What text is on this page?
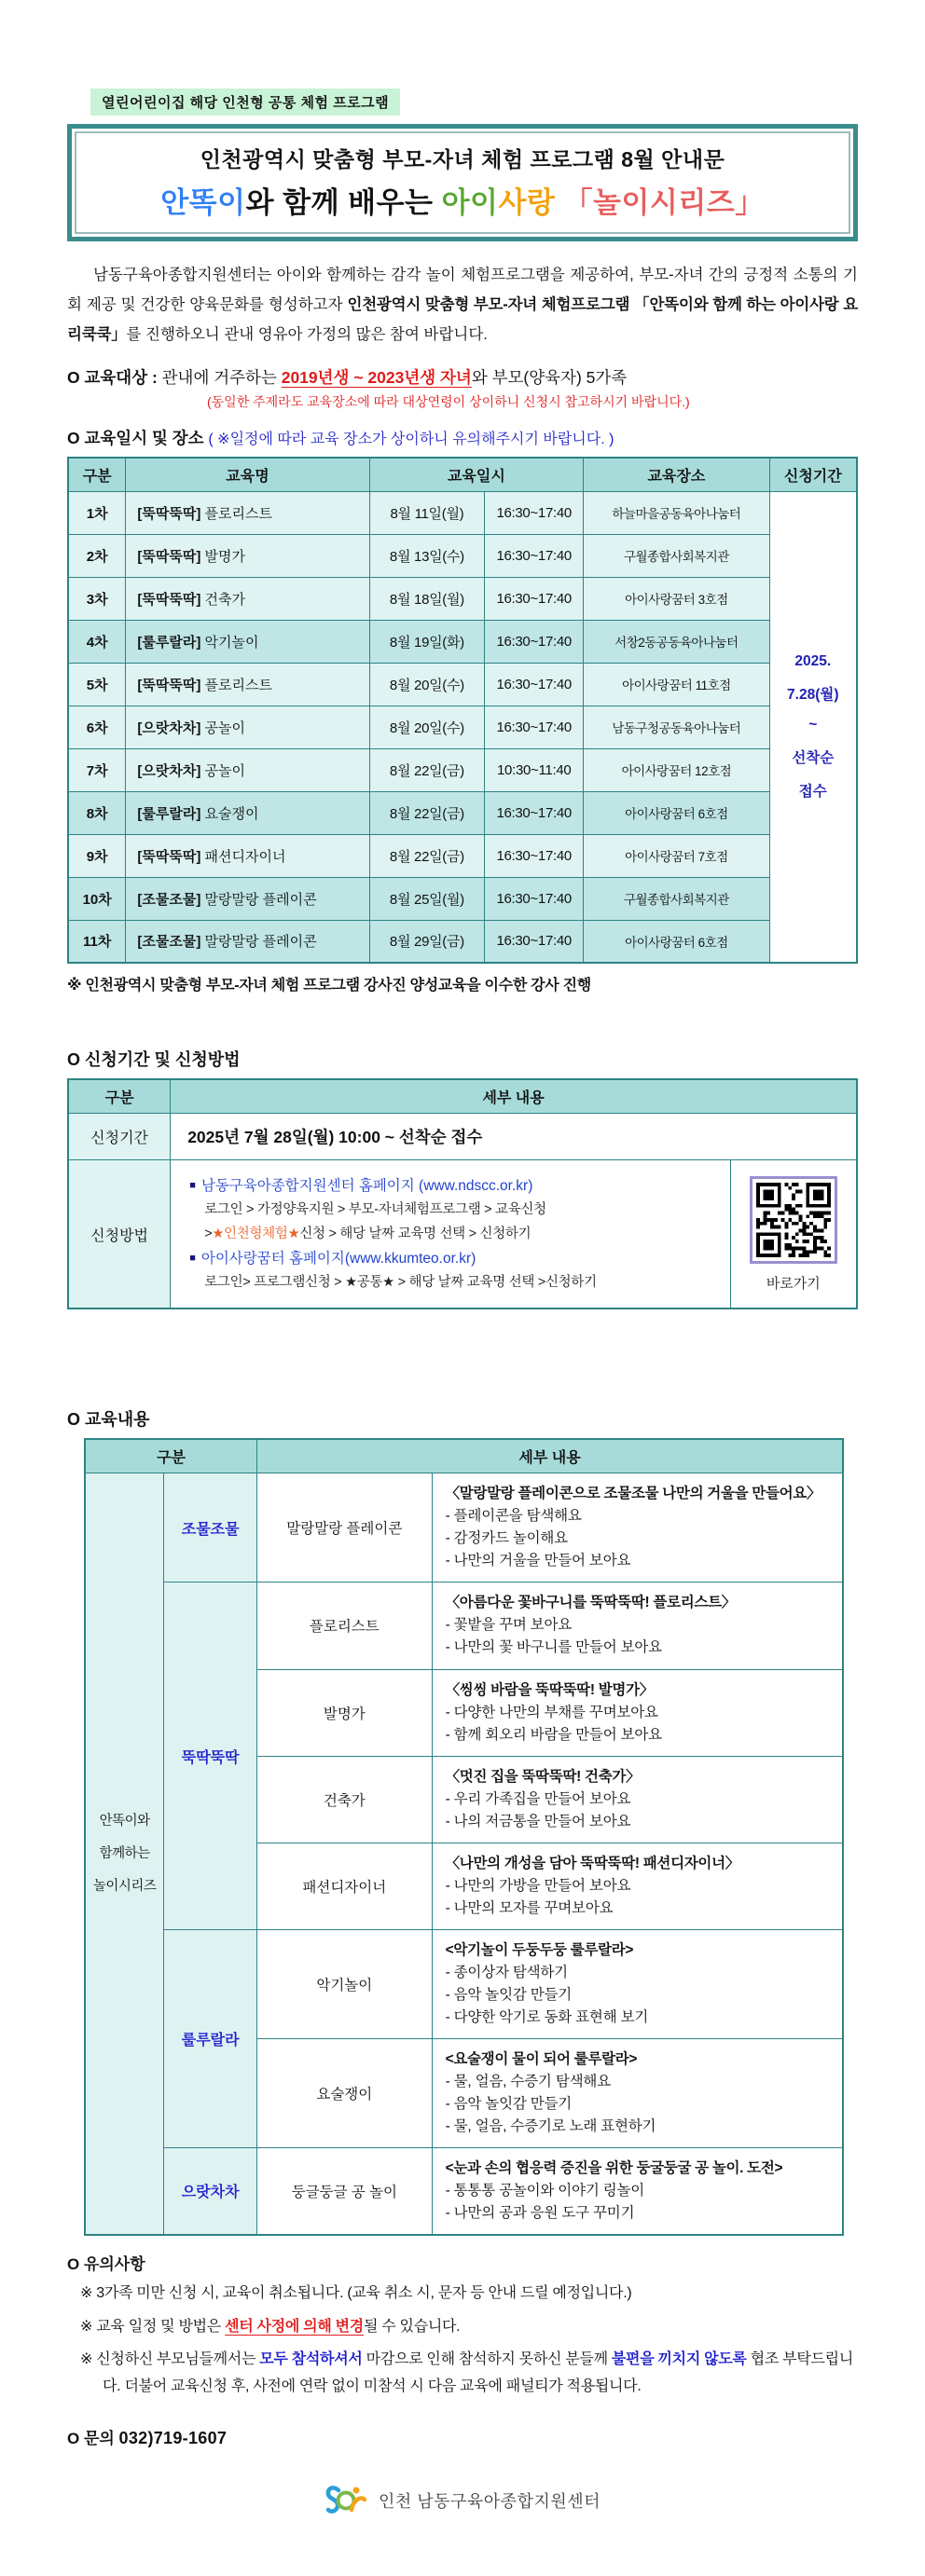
열린어린이집 해당 인천형 공통 체험 프로그램
인천광역시 맞춤형 부모-자녀 체험 프로그램 8월 안내문
안똑이와 함께 배우는 아이사랑 「놀이시리즈」

남동구육아종합지원센터는 아이와 함께하는 감각 놀이 체험프로그램을 제공하여, 부모-자녀 간의 긍정적 소통의 기회 제공 및 건강한 양육문화를 형성하고자 인천광역시 맞춤형 부모-자녀 체험프로그램 「안똑이와 함께 하는 아이사랑 요리쿡쿡」를 진행하오니 관내 영유아 가정의 많은 참여 바랍니다.

O 교육대상 : 관내에 거주하는 2019년생 ~ 2023년생 자녀와 부모(양육자) 5가족
(동일한 주제라도 교육장소에 따라 대상연령이 상이하니 신청시 참고하시기 바랍니다.)
O 교육일시 및 장소 ( ※일정에 따라 교육 장소가 상이하니 유의해주시기 바랍니다. )
구분	교육명	교육일시		교육장소	신청기간
1차	[뚝딱뚝딱] 플로리스트	8월 11일(월)	16:30~17:40	하늘마을공동육아나눔터	2025.
7.28(월)
~
선착순
접수

2차	[뚝딱뚝딱] 발명가	8월 13일(수)	16:30~17:40	구월종합사회복지관	
3차	[뚝딱뚝딱] 건축가	8월 18일(월)	16:30~17:40	아이사랑꿈터 3호점	
4차	[룰루랄라] 악기놀이	8월 19일(화)	16:30~17:40	서창2동공동육아나눔터	
5차	[뚝딱뚝딱] 플로리스트	8월 20일(수)	16:30~17:40	아이사랑꿈터 11호점	
6차	[으랏차차] 공놀이	8월 20일(수)	16:30~17:40	남동구청공동육아나눔터	
7차	[으랏차차] 공놀이	8월 22일(금)	10:30~11:40	아이사랑꿈터 12호점	
8차	[룰루랄라] 요술쟁이	8월 22일(금)	16:30~17:40	아이사랑꿈터 6호점	
9차	[뚝딱뚝딱] 패션디자이너	8월 22일(금)	16:30~17:40	아이사랑꿈터 7호점	
10차	[조물조물] 말랑말랑 플레이콘	8월 25일(월)	16:30~17:40	구월종합사회복지관	
11차	[조물조물] 말랑말랑 플레이콘	8월 29일(금)	16:30~17:40	아이사랑꿈터 6호점	
※ 인천광역시 맞춤형 부모-자녀 체험 프로그램 강사진 양성교육을 이수한 강사 진행
O 신청기간 및 신청방법
구분	세부 내용	
신청기간	2025년 7월 28일(월) 10:00 ~ 선착순 접수	
신청방법	■ 남동구육아종합지원센터 홈페이지 (www.ndscc.or.kr)
로그인 > 가정양육지원 > 부모-자녀체험프로그램 > 교육신청
>★인천형체험★신청 > 해당 날짜 교육명 선택 > 신청하기
■ 아이사랑꿈터 홈페이지(www.kkumteo.or.kr)
로그인> 프로그램신청 > ★공통★ > 해당 날짜 교육명 선택 >신청하기	바로가기
O 교육내용
구분		세부 내용	

안똑이와
함께하는
놀이시리즈
	조물조물	말랑말랑 플레이콘	
〈말랑말랑 플레이콘으로 조물조물 나만의 거울을 만들어요〉
- 플레이콘을 탐색해요
- 감정카드 놀이해요
- 나만의 거울을 만들어 보아요

	뚝딱뚝딱	플로리스트	〈아름다운 꽃바구니를 뚝딱뚝딱! 플로리스트〉
- 꽃밭을 꾸며 보아요
- 나만의 꽃 바구니를 만들어 보아요

		발명가	〈씽씽 바람을 뚝딱뚝딱! 발명가〉
- 다양한 나만의 부채를 꾸며보아요
- 함께 회오리 바람을 만들어 보아요

		건축가	〈멋진 집을 뚝딱뚝딱! 건축가〉
- 우리 가족집을 만들어 보아요
- 나의 저금통을 만들어 보아요

		패션디자이너	〈나만의 개성을 담아 뚝딱뚝딱! 패션디자이너〉
- 나만의 가방을 만들어 보아요
- 나만의 모자를 꾸며보아요

	룰루랄라	악기놀이	<악기놀이 두둥두둥 룰루랄라>
- 종이상자 탐색하기
- 음악 놀잇감 만들기
- 다양한 악기로 동화 표현해 보기

		요술쟁이	<요술쟁이 물이 되어 룰루랄라>
- 물, 얼음, 수증기 탐색해요
- 음악 놀잇감 만들기
- 물, 얼음, 수증기로 노래 표현하기

	으랏차차	둥글둥글 공 놀이	<눈과 손의 협응력 증진을 위한 둥굴둥굴 공 놀이. 도전>
- 통통통 공놀이와 이야기 링놀이
- 나만의 공과 응원 도구 꾸미기
O 유의사항
※ 3가족 미만 신청 시, 교육이 취소됩니다. (교육 취소 시, 문자 등 안내 드릴 예정입니다.)
※ 교육 일정 및 방법은 센터 사정에 의해 변경될 수 있습니다.
※ 신청하신 부모님들께서는 모두 참석하셔서 마감으로 인해 참석하지 못하신 분들께 불편을 끼치지 않도록 협조 부탁드립니다. 더불어 교육신청 후, 사전에 연락 없이 미참석 시 다음 교육에 패널티가 적용됩니다.
O 문의 032)719-1607
인천 남동구육아종합지원센터
